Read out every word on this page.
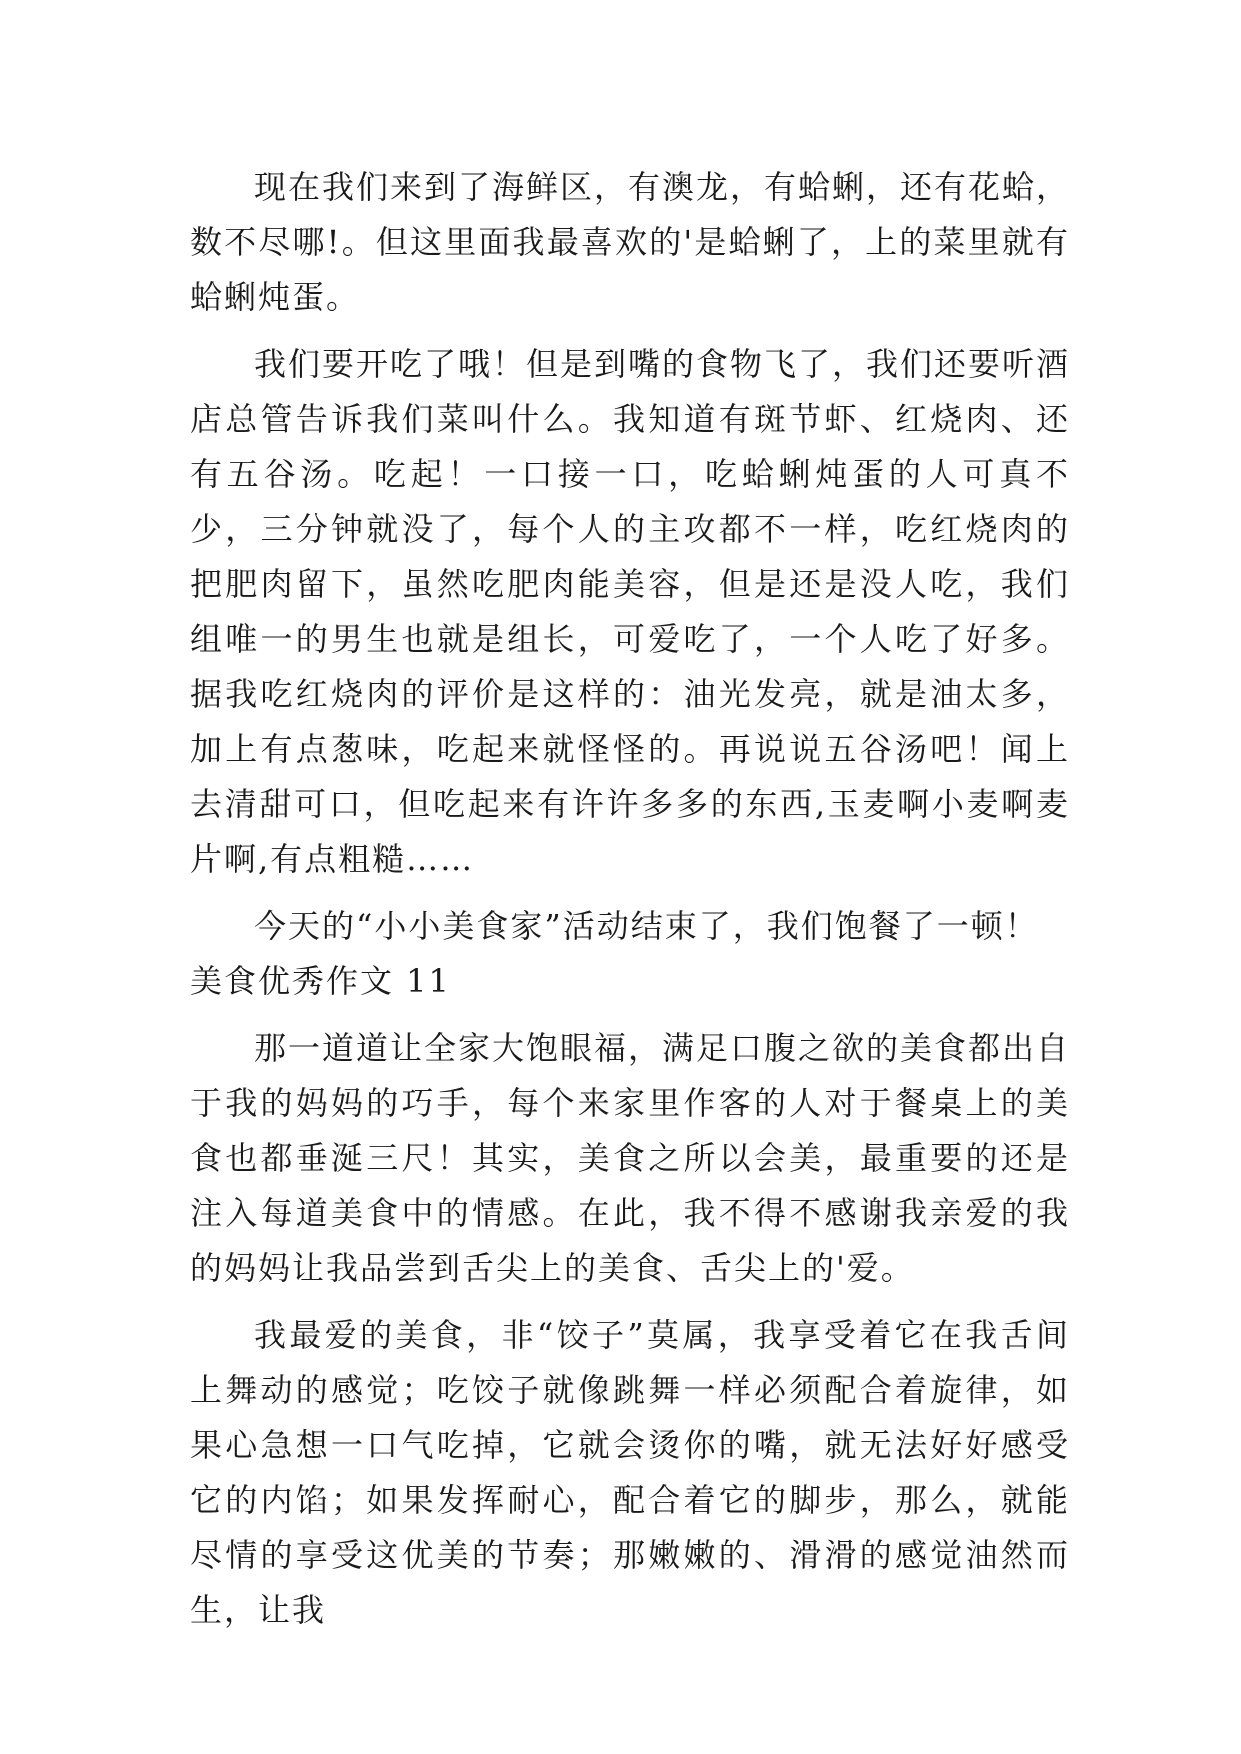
现在我们来到了海鲜区，有澳龙，有蛤蜊，还有花蛤，数不尽哪!。但这里面我最喜欢的'是蛤蜊了，上的菜里就有蛤蜊炖蛋。

我们要开吃了哦！但是到嘴的食物飞了，我们还要听酒店总管告诉我们菜叫什么。我知道有斑节虾、红烧肉、还有五谷汤。吃起！一口接一口，吃蛤蜊炖蛋的人可真不少，三分钟就没了，每个人的主攻都不一样，吃红烧肉的把肥肉留下，虽然吃肥肉能美容，但是还是没人吃，我们组唯一的男生也就是组长，可爱吃了，一个人吃了好多。据我吃红烧肉的评价是这样的：油光发亮，就是油太多，加上有点葱味，吃起来就怪怪的。再说说五谷汤吧！闻上去清甜可口，但吃起来有许许多多的东西,玉麦啊小麦啊麦片啊,有点粗糙……

今天的“小小美食家”活动结束了，我们饱餐了一顿！

美食优秀作文 11

那一道道让全家大饱眼福，满足口腹之欲的美食都出自于我的妈妈的巧手，每个来家里作客的人对于餐桌上的美食也都垂涎三尺！其实，美食之所以会美，最重要的还是注入每道美食中的情感。在此，我不得不感谢我亲爱的我的妈妈让我品尝到舌尖上的美食、舌尖上的'爱。

我最爱的美食，非“饺子”莫属，我享受着它在我舌间上舞动的感觉；吃饺子就像跳舞一样必须配合着旋律，如果心急想一口气吃掉，它就会烫你的嘴，就无法好好感受它的内馅；如果发挥耐心，配合着它的脚步，那么，就能尽情的享受这优美的节奏；那嫩嫩的、滑滑的感觉油然而生，让我
